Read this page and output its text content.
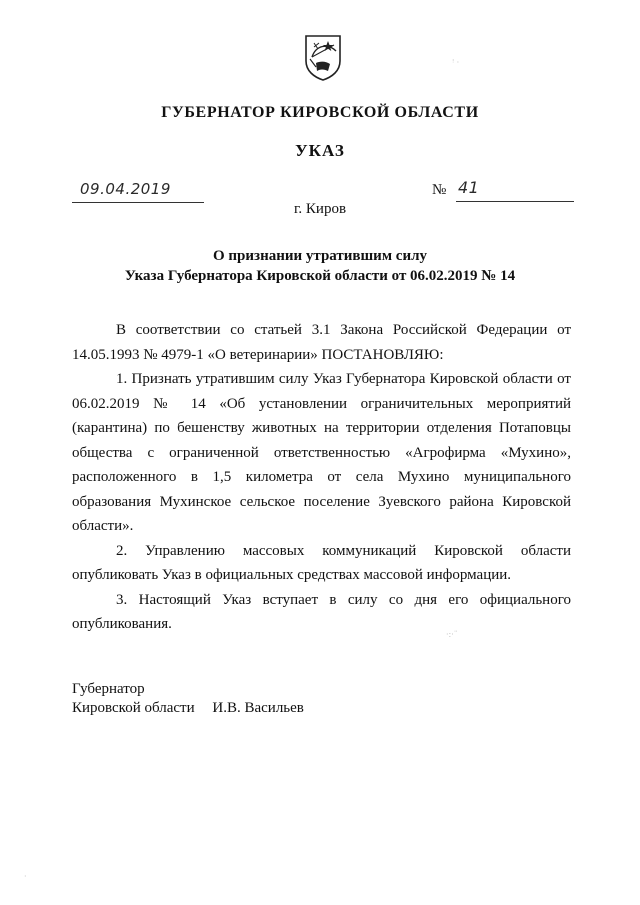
ГУБЕРНАТОР КИРОВСКОЙ ОБЛАСТИ
УКАЗ
09.04.2019	№ 41
г. Киров
О признании утратившим силу
Указа Губернатора Кировской области от 06.02.2019 № 14

В соответствии со статьей 3.1 Закона Российской Федерации от 14.05.1993 № 4979-1 «О ветеринарии» ПОСТАНОВЛЯЮ:

1. Признать утратившим силу Указ Губернатора Кировской области от 06.02.2019 № 14 «Об установлении ограничительных мероприятий (карантина) по бешенству животных на территории отделения Потаповцы общества с ограниченной ответственностью «Агрофирма «Мухино», расположенного в 1,5 километра от села Мухино муниципального образования Мухинское сельское поселение Зуевского района Кировской области».

2. Управлению массовых коммуникаций Кировской области опубликовать Указ в официальных средствах массовой информации.

3. Настоящий Указ вступает в силу со дня его официального опубликования.

Губернатор
Кировской области И.В. Васильев
ꜝ ·
·:·¨
·
